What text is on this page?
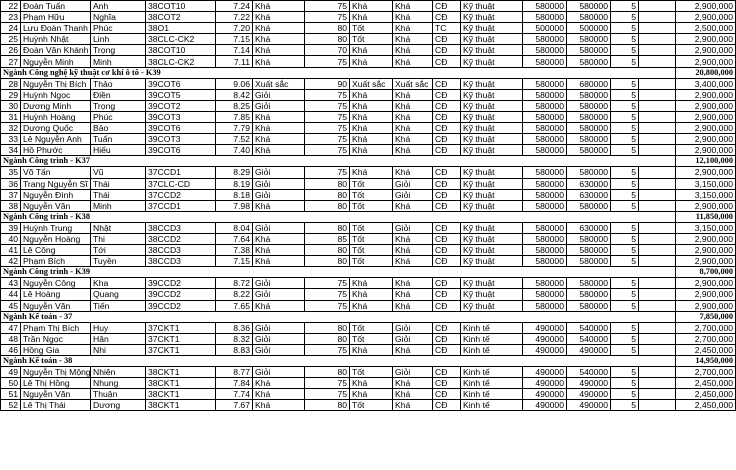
22	Đoàn Tuấn	Anh	38COT10	7.24	Khá	75	Khá	Khá	CĐ	Kỹ thuật	580000	580000	5		2,900,000
23	Phạm Hữu	Nghĩa	38COT2	7.22	Khá	75	Khá	Khá	CĐ	Kỹ thuật	580000	580000	5		2,900,000
24	Lưu Đoàn Thanh	Phúc	38O1	7.20	Khá	80	Tốt	Khá	TC	Kỹ thuật	500000	500000	5		2,500,000
25	Huỳnh Nhật	Linh	38CLC-CK2	7.15	Khá	80	Tốt	Khá	CĐ	Kỹ thuật	580000	580000	5		2,900,000
26	Đoàn Văn Khánh	Trọng	38COT10	7.14	Khá	70	Khá	Khá	CĐ	Kỹ thuật	580000	580000	5		2,900,000
27	Nguyễn Minh	Minh	38CLC-CK2	7.11	Khá	75	Khá	Khá	CĐ	Kỹ thuật	580000	580000	5		2,900,000
Ngành Công nghệ kỹ thuật cơ khí ô tô - K39															20,800,000
28	Nguyễn Thị Bích	Thảo	39COT6	9.06	Xuất sắc	90	Xuất sắc	Xuất sắc	CĐ	Kỹ thuật	580000	680000	5		3,400,000
29	Huỳnh Ngọc	Điền	39COT5	8.42	Giỏi	75	Khá	Khá	CĐ	Kỹ thuật	580000	580000	5		2,900,000
30	Dương Minh	Trọng	39COT2	8.25	Giỏi	75	Khá	Khá	CĐ	Kỹ thuật	580000	580000	5		2,900,000
31	Huỳnh Hoàng	Phúc	39COT3	7.85	Khá	75	Khá	Khá	CĐ	Kỹ thuật	580000	580000	5		2,900,000
32	Dương Quốc	Bảo	39COT6	7.79	Khá	75	Khá	Khá	CĐ	Kỹ thuật	580000	580000	5		2,900,000
33	Lê Nguyễn Anh	Tuấn	39COT3	7.52	Khá	75	Khá	Khá	CĐ	Kỹ thuật	580000	580000	5		2,900,000
34	Hồ Phước	Hiếu	39COT6	7.40	Khá	75	Khá	Khá	CĐ	Kỹ thuật	580000	580000	5		2,900,000
Ngành Công trình - K37															12,100,000
35	Võ Tấn	Vũ	37CCD1	8.29	Giỏi	75	Khá	Khá	CĐ	Kỹ thuật	580000	580000	5		2,900,000
36	Trang Nguyễn Sĩ	Thái	37CLC-CD	8.19	Giỏi	80	Tốt	Giỏi	CĐ	Kỹ thuật	580000	630000	5		3,150,000
37	Nguyễn Đình	Thái	37CCD2	8.18	Giỏi	80	Tốt	Giỏi	CĐ	Kỹ thuật	580000	630000	5		3,150,000
38	Nguyễn Văn	Minh	37CCD1	7.98	Khá	80	Tốt	Khá	CĐ	Kỹ thuật	580000	580000	5		2,900,000
Ngành Công trình - K38															11,850,000
39	Huỳnh Trung	Nhật	38CCD3	8.04	Giỏi	80	Tốt	Giỏi	CĐ	Kỹ thuật	580000	630000	5		3,150,000
40	Nguyễn Hoàng	Thi	38CCD2	7.64	Khá	85	Tốt	Khá	CĐ	Kỹ thuật	580000	580000	5		2,900,000
41	Lê Công	Tới	38CCD3	7.38	Khá	80	Tốt	Khá	CĐ	Kỹ thuật	580000	580000	5		2,900,000
42	Phạm Bích	Tuyền	38CCD3	7.15	Khá	80	Tốt	Khá	CĐ	Kỹ thuật	580000	580000	5		2,900,000
Ngành Công trình - K39															8,700,000
43	Nguyễn Công	Kha	39CCD2	8.72	Giỏi	75	Khá	Khá	CĐ	Kỹ thuật	580000	580000	5		2,900,000
44	Lê Hoàng	Quang	39CCD2	8.22	Giỏi	75	Khá	Khá	CĐ	Kỹ thuật	580000	580000	5		2,900,000
45	Nguyễn Văn	Tiến	39CCD2	7.65	Khá	75	Khá	Khá	CĐ	Kỹ thuật	580000	580000	5		2,900,000
Ngành Kế toán - 37															7,850,000
47	Phạm Thị Bích	Huy	37CKT1	8.36	Giỏi	80	Tốt	Giỏi	CĐ	Kinh tế	490000	540000	5		2,700,000
48	Trần Ngọc	Hân	37CKT1	8.32	Giỏi	80	Tốt	Giỏi	CĐ	Kinh tế	490000	540000	5		2,700,000
46	Hồng Gia	Nhi	37CKT1	8.83	Giỏi	75	Khá	Khá	CĐ	Kinh tế	490000	490000	5		2,450,000
Ngành Kế toán - 38															14,950,000
49	Nguyễn Thị Mộng	Nhiên	38CKT1	8.77	Giỏi	80	Tốt	Giỏi	CĐ	Kinh tế	490000	540000	5		2,700,000
50	Lê Thị Hồng	Nhung	38CKT1	7.84	Khá	75	Khá	Khá	CĐ	Kinh tế	490000	490000	5		2,450,000
51	Nguyễn Văn	Thuận	38CKT1	7.74	Khá	75	Khá	Khá	CĐ	Kinh tế	490000	490000	5		2,450,000
52	Lê Thị Thái	Dương	38CKT1	7.67	Khá	80	Tốt	Khá	CĐ	Kinh tế	490000	490000	5		2,450,000
